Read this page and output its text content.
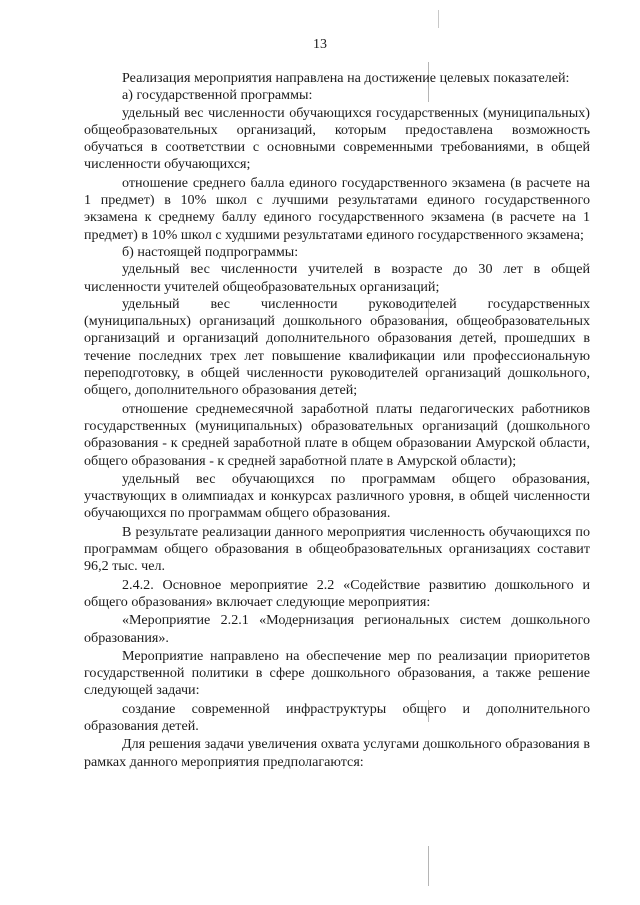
13

Реализация мероприятия направлена на достижение целевых показателей:

а) государственной программы:

удельный вес численности обучающихся государственных (муниципальных) общеобразовательных организаций, которым предоставлена возможность обучаться в соответствии с основными современными требованиями, в общей численности обучающихся;

отношение среднего балла единого государственного экзамена (в расчете на 1 предмет) в 10% школ с лучшими результатами единого государственного экзамена к среднему баллу единого государственного экзамена (в расчете на 1 предмет) в 10% школ с худшими результатами единого государственного экзамена;

б) настоящей подпрограммы:

удельный вес численности учителей в возрасте до 30 лет в общей численности учителей общеобразовательных организаций;

удельный вес численности руководителей государственных (муниципальных) организаций дошкольного образования, общеобразовательных организаций и организаций дополнительного образования детей, прошедших в течение последних трех лет повышение квалификации или профессиональную переподготовку, в общей численности руководителей организаций дошкольного, общего, дополнительного образования детей;

отношение среднемесячной заработной платы педагогических работников государственных (муниципальных) образовательных организаций (дошкольного образования - к средней заработной плате в общем образовании Амурской области, общего образования - к средней заработной плате в Амурской области);

удельный вес обучающихся по программам общего образования, участвующих в олимпиадах и конкурсах различного уровня, в общей численности обучающихся по программам общего образования.

В результате реализации данного мероприятия численность обучающихся по программам общего образования в общеобразовательных организациях составит 96,2 тыс. чел.

2.4.2. Основное мероприятие 2.2 «Содействие развитию дошкольного и общего образования» включает следующие мероприятия:

«Мероприятие 2.2.1 «Модернизация региональных систем дошкольного образования».

Мероприятие направлено на обеспечение мер по реализации приоритетов государственной политики в сфере дошкольного образования, а также решение следующей задачи:

создание современной инфраструктуры общего и дополнительного образования детей.

Для решения задачи увеличения охвата услугами дошкольного образования в рамках данного мероприятия предполагаются:
